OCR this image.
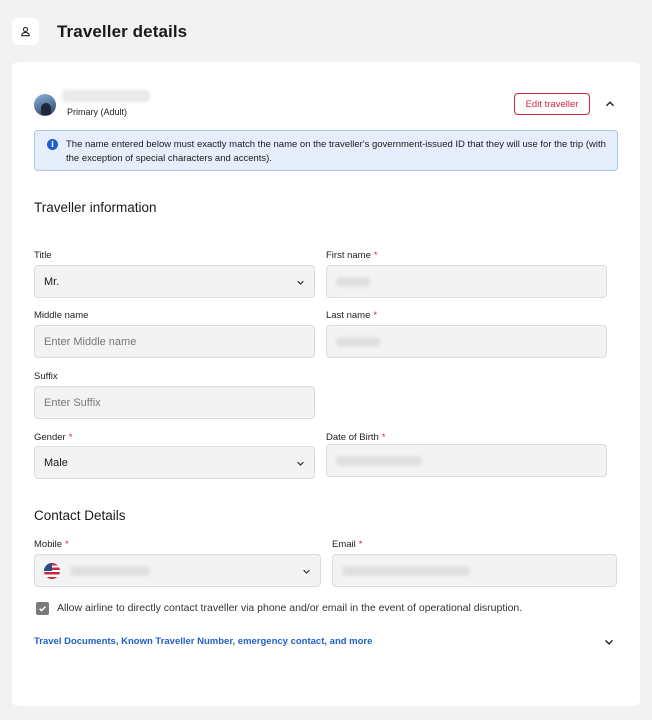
Traveller details
Primary (Adult)
Edit traveller
i	The name entered below must exactly match the name on the traveller's government-issued ID that they will use for the trip (with the exception of special characters and accents).
Traveller information
Title
Mr.
First name *
Middle name
Enter Middle name
Last name *
Suffix
Enter Suffix
Gender *
Male
Date of Birth *
Contact Details
Mobile *	Email *
Allow airline to directly contact traveller via phone and/or email in the event of operational disruption.
Travel Documents, Known Traveller Number, emergency contact, and more
